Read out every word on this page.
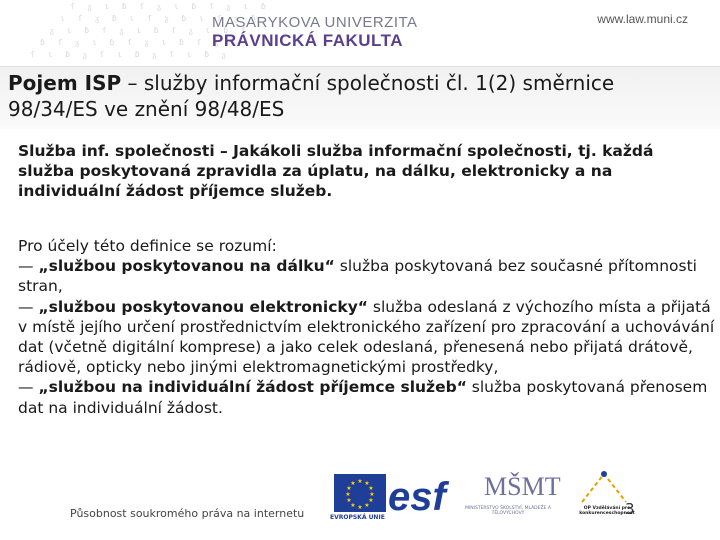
ſ ᵹ ɩ ɓ ſ ᵹ ɩ ɓ ſ ᵹ ɩ ɓ
ɩ ſ ᵹ ɓ ɩ ſ ᵹ ɓ ɩ ſ ᵹ ɓ
ᵹ ɩ ɓ ſ ᵹ ɩ ɓ ſ ᵹ ɩ ɓ ſ
ɓ ſ ᵹ ɩ ɓ ſ ᵹ ɩ ɓ ſ ᵹ ɩ
ſ ɩ ɓ ᵹ ſ ɩ ɓ ᵹ ſ ɩ ɓ ᵹ
MASARYKOVA UNIVERZITA
PRÁVNICKÁ FAKULTA
www.law.muni.cz
Pojem ISP – služby informační společnosti čl. 1(2) směrnice 98/34/ES ve znění 98/48/ES
Služba inf. společnosti – Jakákoli služba informační společnosti, tj. každá služba poskytovaná zpravidla za úplatu, na dálku, elektronicky a na individuální žádost příjemce služeb.

Pro účely této definice se rozumí:

— „službou poskytovanou na dálku“ služba poskytovaná bez současné přítomnosti stran,

— „službou poskytovanou elektronicky“ služba odeslaná z výchozího místa a přijatá v místě jejího určení prostřednictvím elektronického zařízení pro zpracování a uchovávání dat (včetně digitální komprese) a jako celek odeslaná, přenesená nebo přijatá drátově, rádiově, opticky nebo jinými elektromagnetickými prostředky,

— „službou na individuální žádost příjemce služeb“ služba poskytovaná přenosem dat na individuální žádost.

Působnost soukromého práva na internetu
★ ★
★
★
★
★
★
★
★
★
★
★
EVROPSKÁ UNIE esf MŠMT
MINISTERSTVO ŠKOLSTVÍ, MLÁDEŽE A TĚLOVÝCHOVY
OP Vzdělávání pro konkurenceschopnost
3
